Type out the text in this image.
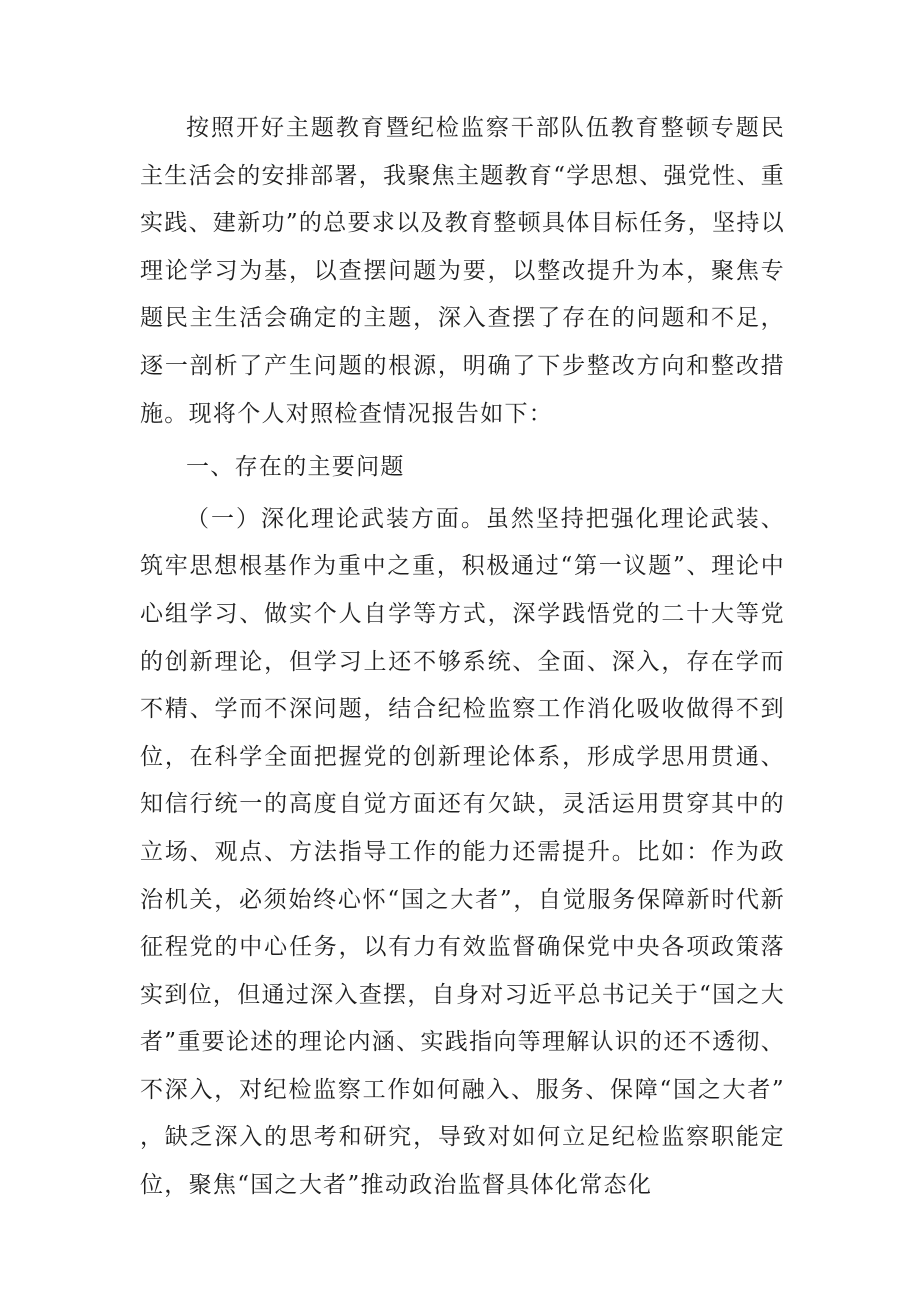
按照开好主题教育暨纪检监察干部队伍教育整顿专题民主生活会的安排部署，我聚焦主题教育“学思想、强党性、重实践、建新功”的总要求以及教育整顿具体目标任务，坚持以理论学习为基，以查摆问题为要，以整改提升为本，聚焦专题民主生活会确定的主题，深入查摆了存在的问题和不足，逐一剖析了产生问题的根源，明确了下步整改方向和整改措施。现将个人对照检查情况报告如下：

一、存在的主要问题

（一）深化理论武装方面。虽然坚持把强化理论武装、筑牢思想根基作为重中之重，积极通过“第一议题”、理论中心组学习、做实个人自学等方式，深学践悟党的二十大等党的创新理论，但学习上还不够系统、全面、深入，存在学而不精、学而不深问题，结合纪检监察工作消化吸收做得不到位，在科学全面把握党的创新理论体系，形成学思用贯通、知信行统一的高度自觉方面还有欠缺，灵活运用贯穿其中的立场、观点、方法指导工作的能力还需提升。比如：作为政治机关，必须始终心怀“国之大者”，自觉服务保障新时代新征程党的中心任务，以有力有效监督确保党中央各项政策落实到位，但通过深入查摆，自身对习近平总书记关于“国之大者”重要论述的理论内涵、实践指向等理解认识的还不透彻、不深入，对纪检监察工作如何融入、服务、保障“国之大者”，缺乏深入的思考和研究，导致对如何立足纪检监察职能定位，聚焦“国之大者”推动政治监督具体化常态化
